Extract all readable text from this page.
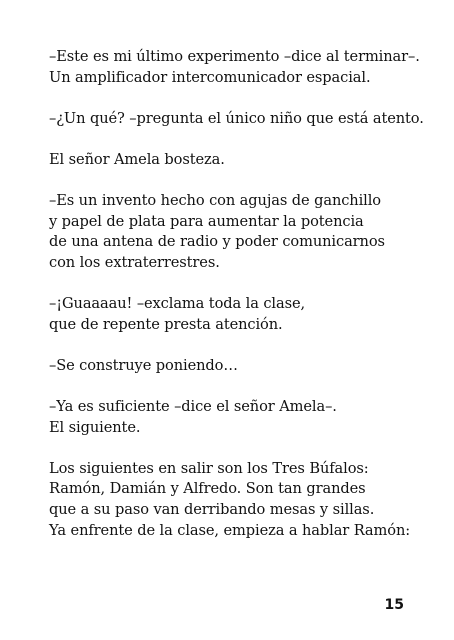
–Este es mi último experimento –dice al terminar–.
Un amplificador intercomunicador espacial.

–¿Un qué? –pregunta el único niño que está atento.

El señor Amela bosteza.

–Es un invento hecho con agujas de ganchillo
y papel de plata para aumentar la potencia
de una antena de radio y poder comunicarnos
con los extraterrestres.

–¡Guaaaau! –exclama toda la clase,
que de repente presta atención.

–Se construye poniendo…

–Ya es suficiente –dice el señor Amela–.
El siguiente.

Los siguientes en salir son los Tres Búfalos:
Ramón, Damián y Alfredo. Son tan grandes
que a su paso van derribando mesas y sillas.
Ya enfrente de la clase, empieza a hablar Ramón:

15
